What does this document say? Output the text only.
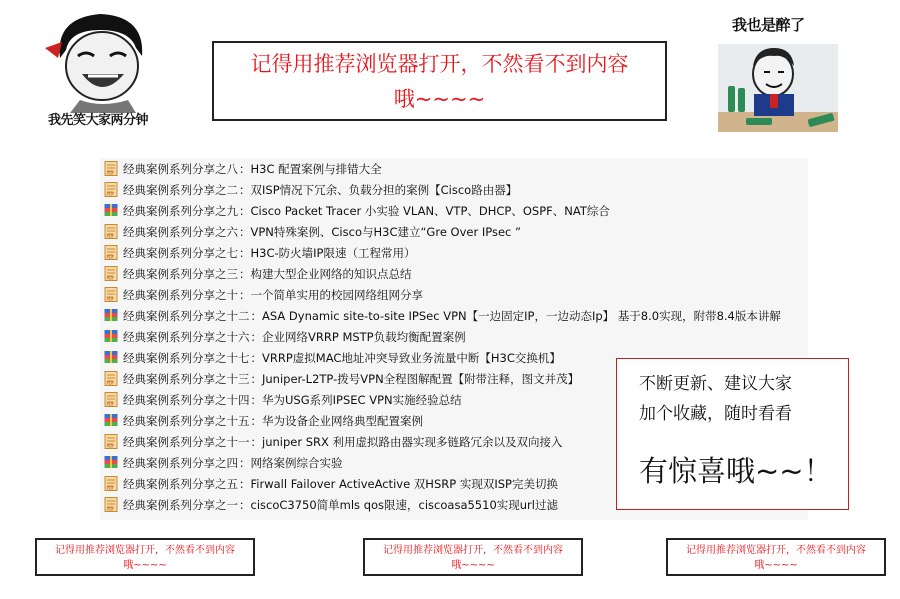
我先笑大家两分钟
记得用推荐浏览器打开，不然看不到内容
哦~~~~
我也是醉了
PDF 经典案例系列分享之八 ： H3C 配置案例与排错大全
PDF 经典案例系列分享之二 ： 双ISP情况下冗余、负载分担的案例【Cisco路由器】
经典案例系列分享之九 ： Cisco Packet Tracer 小实验 VLAN、VTP、DHCP、OSPF、NAT综合
PDF 经典案例系列分享之六 ： VPN特殊案例、Cisco与H3C建立“Gre Over IPsec ”
PDF 经典案例系列分享之七 ： H3C-防火墙IP限速（工程常用）
PDF 经典案例系列分享之三 ： 构建大型企业网络的知识点总结
PDF 经典案例系列分享之十 ： 一个简单实用的校园网络组网分享
经典案例系列分享之十二 ： ASA Dynamic site-to-site IPSec VPN【一边固定IP，一边动态Ip】 基于8.0实现，附带8.4版本讲解
经典案例系列分享之十六 ： 企业网络VRRP MSTP负载均衡配置案例
经典案例系列分享之十七 ： VRRP虚拟MAC地址冲突导致业务流量中断【H3C交换机】
PDF 经典案例系列分享之十三 ： Juniper-L2TP-拨号VPN全程图解配置【附带注释，图文并茂】
PDF 经典案例系列分享之十四 ： 华为USG系列IPSEC VPN实施经验总结
经典案例系列分享之十五 ： 华为设备企业网络典型配置案例
PDF 经典案例系列分享之十一 ： juniper SRX 利用虚拟路由器实现多链路冗余以及双向接入
经典案例系列分享之四 ： 网络案例综合实验
PDF 经典案例系列分享之五 ： Firwall Failover ActiveActive 双HSRP 实现双ISP完美切换
PDF 经典案例系列分享之一 ： ciscoC3750简单mls qos限速，ciscoasa5510实现url过滤
不断更新、建议大家
加个收藏，随时看看
有惊喜哦~~！
记得用推荐浏览器打开，不然看不到内容
哦~~~~
记得用推荐浏览器打开，不然看不到内容
哦~~~~
记得用推荐浏览器打开，不然看不到内容
哦~~~~
